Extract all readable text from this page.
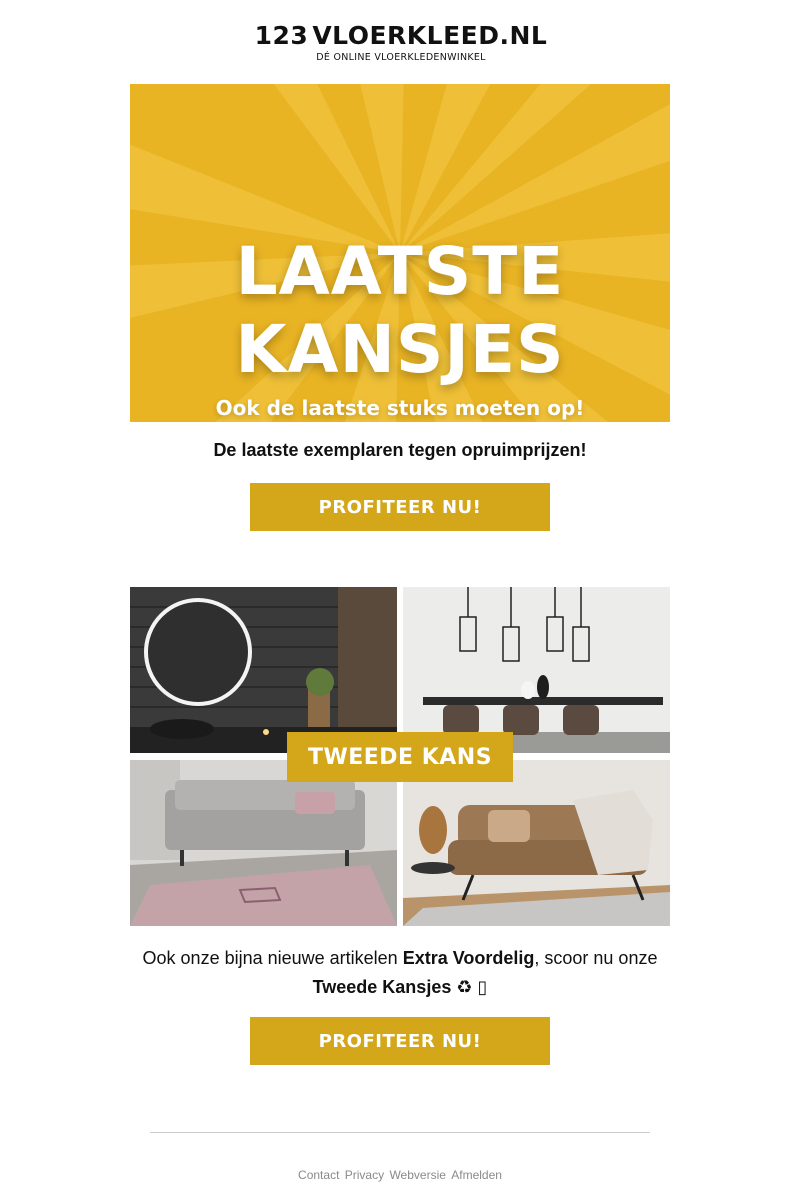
123 VLOERKLEED.NL
DÉ ONLINE VLOERKLEDENWINKEL
LAATSTE
KANSJES
Ook de laatste stuks moeten op!
De laatste exemplaren tegen opruimprijzen!
PROFITEER NU!
TWEEDE KANS
Ook onze bijna nieuwe artikelen Extra Voordelig, scoor nu onze
Tweede Kansjes ♻ ▯
PROFITEER NU!
Contact Privacy Webversie Afmelden
